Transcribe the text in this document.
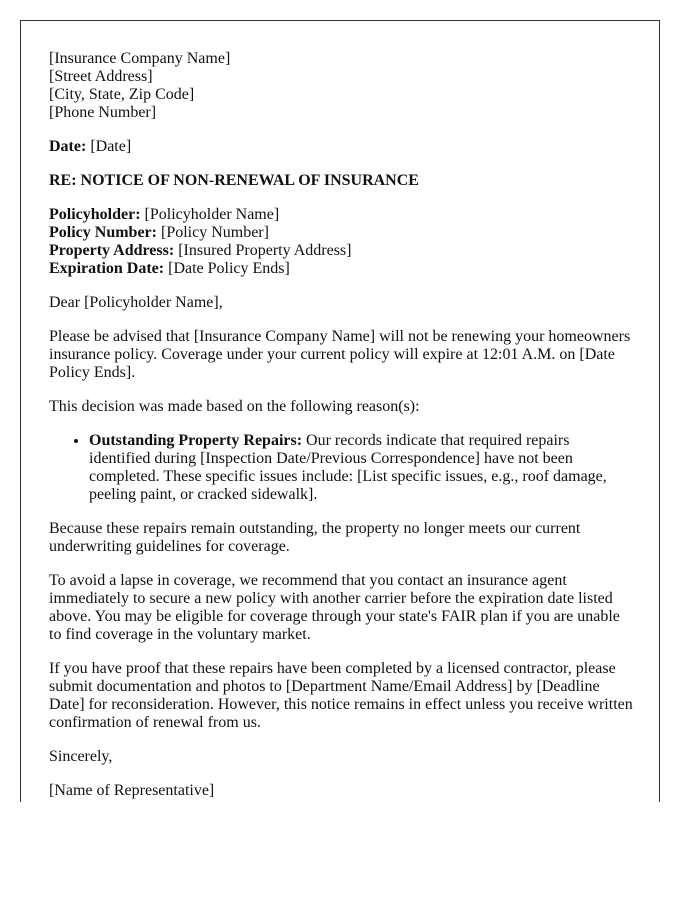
[Insurance Company Name]
[Street Address]
[City, State, Zip Code]
[Phone Number]

Date: [Date]

RE: NOTICE OF NON-RENEWAL OF INSURANCE

Policyholder: [Policyholder Name]
Policy Number: [Policy Number]
Property Address: [Insured Property Address]
Expiration Date: [Date Policy Ends]

Dear [Policyholder Name],

Please be advised that [Insurance Company Name] will not be renewing your homeowners insurance policy. Coverage under your current policy will expire at 12:01 A.M. on [Date Policy Ends].

This decision was made based on the following reason(s):

• Outstanding Property Repairs: Our records indicate that required repairs identified during [Inspection Date/Previous Correspondence] have not been completed. These specific issues include: [List specific issues, e.g., roof damage, peeling paint, or cracked sidewalk].

Because these repairs remain outstanding, the property no longer meets our current underwriting guidelines for coverage.

To avoid a lapse in coverage, we recommend that you contact an insurance agent immediately to secure a new policy with another carrier before the expiration date listed above. You may be eligible for coverage through your state's FAIR plan if you are unable to find coverage in the voluntary market.

If you have proof that these repairs have been completed by a licensed contractor, please submit documentation and photos to [Department Name/Email Address] by [Deadline Date] for reconsideration. However, this notice remains in effect unless you receive written confirmation of renewal from us.

Sincerely,

[Name of Representative]
